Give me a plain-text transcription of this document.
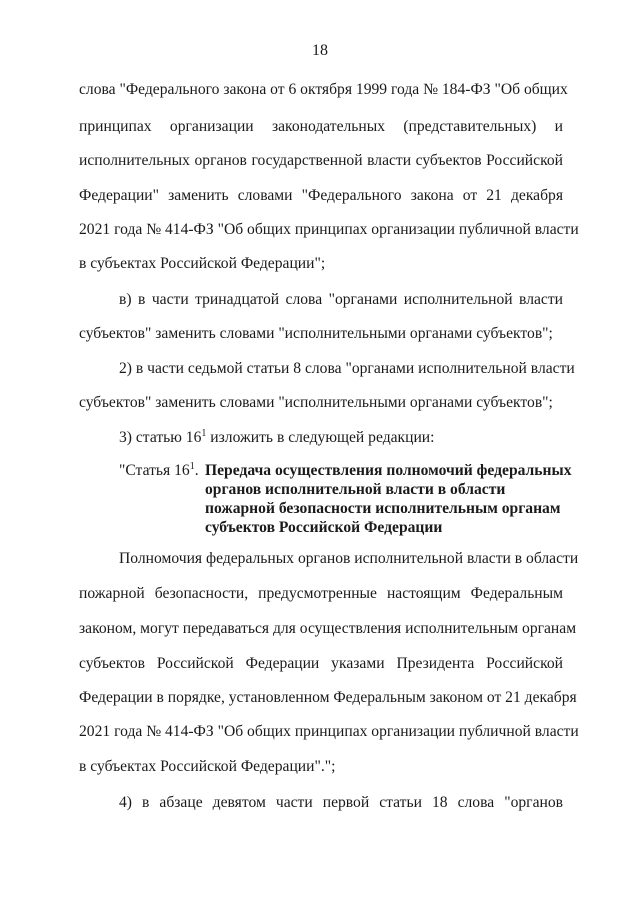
18
слова "Федерального закона от 6 октября 1999 года № 184-ФЗ "Об общих
принципах организации законодательных (представительных) и
исполнительных органов государственной власти субъектов Российской
Федерации" заменить словами "Федерального закона от 21 декабря
2021 года № 414-ФЗ "Об общих принципах организации публичной власти
в субъектах Российской Федерации";
в) в части тринадцатой слова "органами исполнительной власти
субъектов" заменить словами "исполнительными органами субъектов";
2) в части седьмой статьи 8 слова "органами исполнительной власти
субъектов" заменить словами "исполнительными органами субъектов";
3) статью $16^1$ изложить в следующей редакции:
"Статья $16^1$. Передача осуществления полномочий федеральных
органов исполнительной власти в области
пожарной безопасности исполнительным органам
субъектов Российской Федерации
Полномочия федеральных органов исполнительной власти в области
пожарной безопасности, предусмотренные настоящим Федеральным
законом, могут передаваться для осуществления исполнительным органам
субъектов Российской Федерации указами Президента Российской
Федерации в порядке, установленном Федеральным законом от 21 декабря
2021 года № 414-ФЗ "Об общих принципах организации публичной власти
в субъектах Российской Федерации".";
4) в абзаце девятом части первой статьи 18 слова "органов
